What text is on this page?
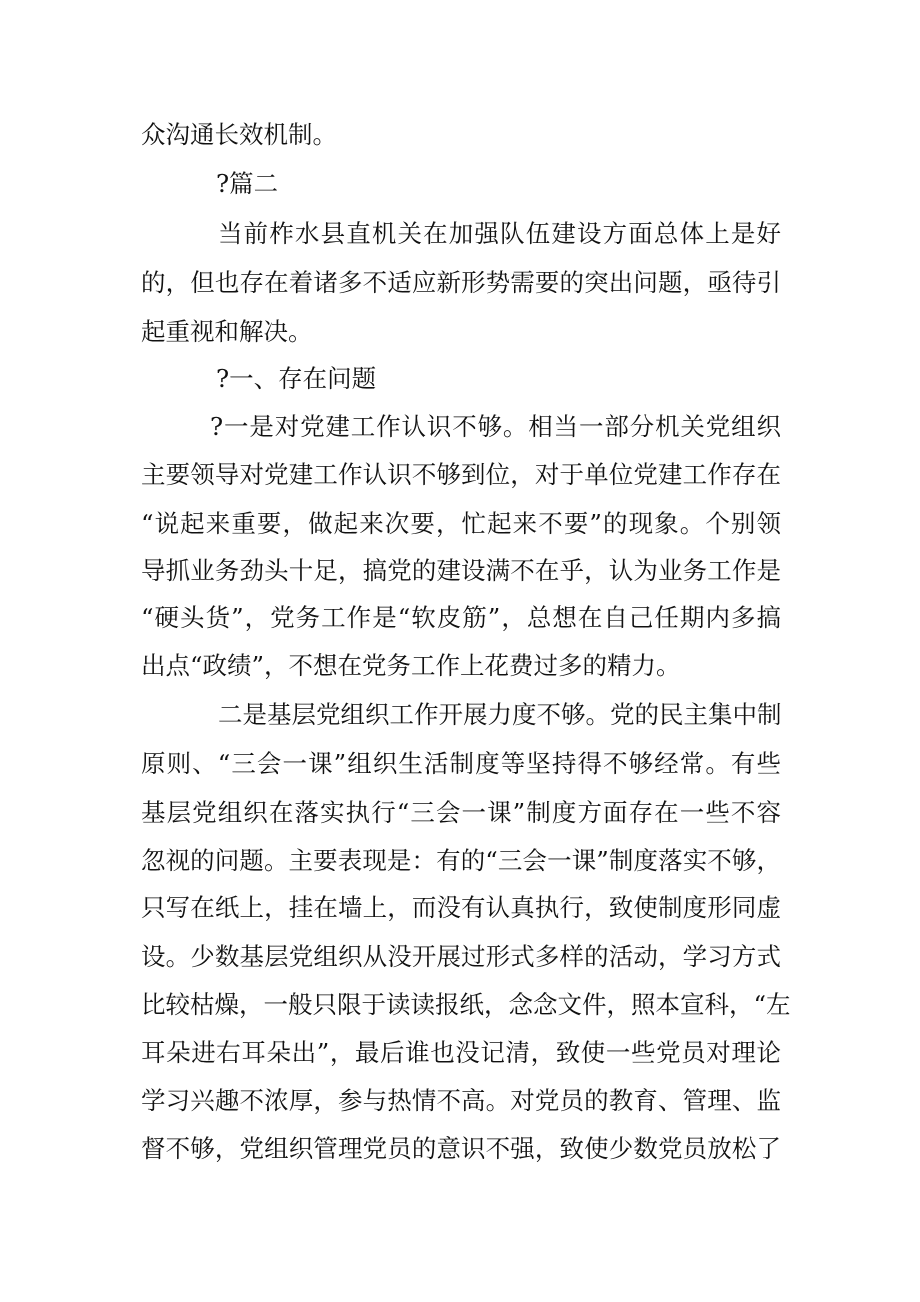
众沟通长效机制。
?篇二
当前柞水县直机关在加强队伍建设方面总体上是好
的，但也存在着诸多不适应新形势需要的突出问题，亟待引
起重视和解决。
?一、存在问题
?一是对党建工作认识不够。相当一部分机关党组织
主要领导对党建工作认识不够到位，对于单位党建工作存在
“说起来重要，做起来次要，忙起来不要”的现象。个别领
导抓业务劲头十足，搞党的建设满不在乎，认为业务工作是
“硬头货”，党务工作是“软皮筋”，总想在自己任期内多搞
出点“政绩”，不想在党务工作上花费过多的精力。
二是基层党组织工作开展力度不够。党的民主集中制
原则、“三会一课”组织生活制度等坚持得不够经常。有些
基层党组织在落实执行“三会一课”制度方面存在一些不容
忽视的问题。主要表现是：有的“三会一课”制度落实不够，
只写在纸上，挂在墙上，而没有认真执行，致使制度形同虚
设。少数基层党组织从没开展过形式多样的活动，学习方式
比较枯燥，一般只限于读读报纸，念念文件，照本宣科，“左
耳朵进右耳朵出”，最后谁也没记清，致使一些党员对理论
学习兴趣不浓厚，参与热情不高。对党员的教育、管理、监
督不够，党组织管理党员的意识不强，致使少数党员放松了
